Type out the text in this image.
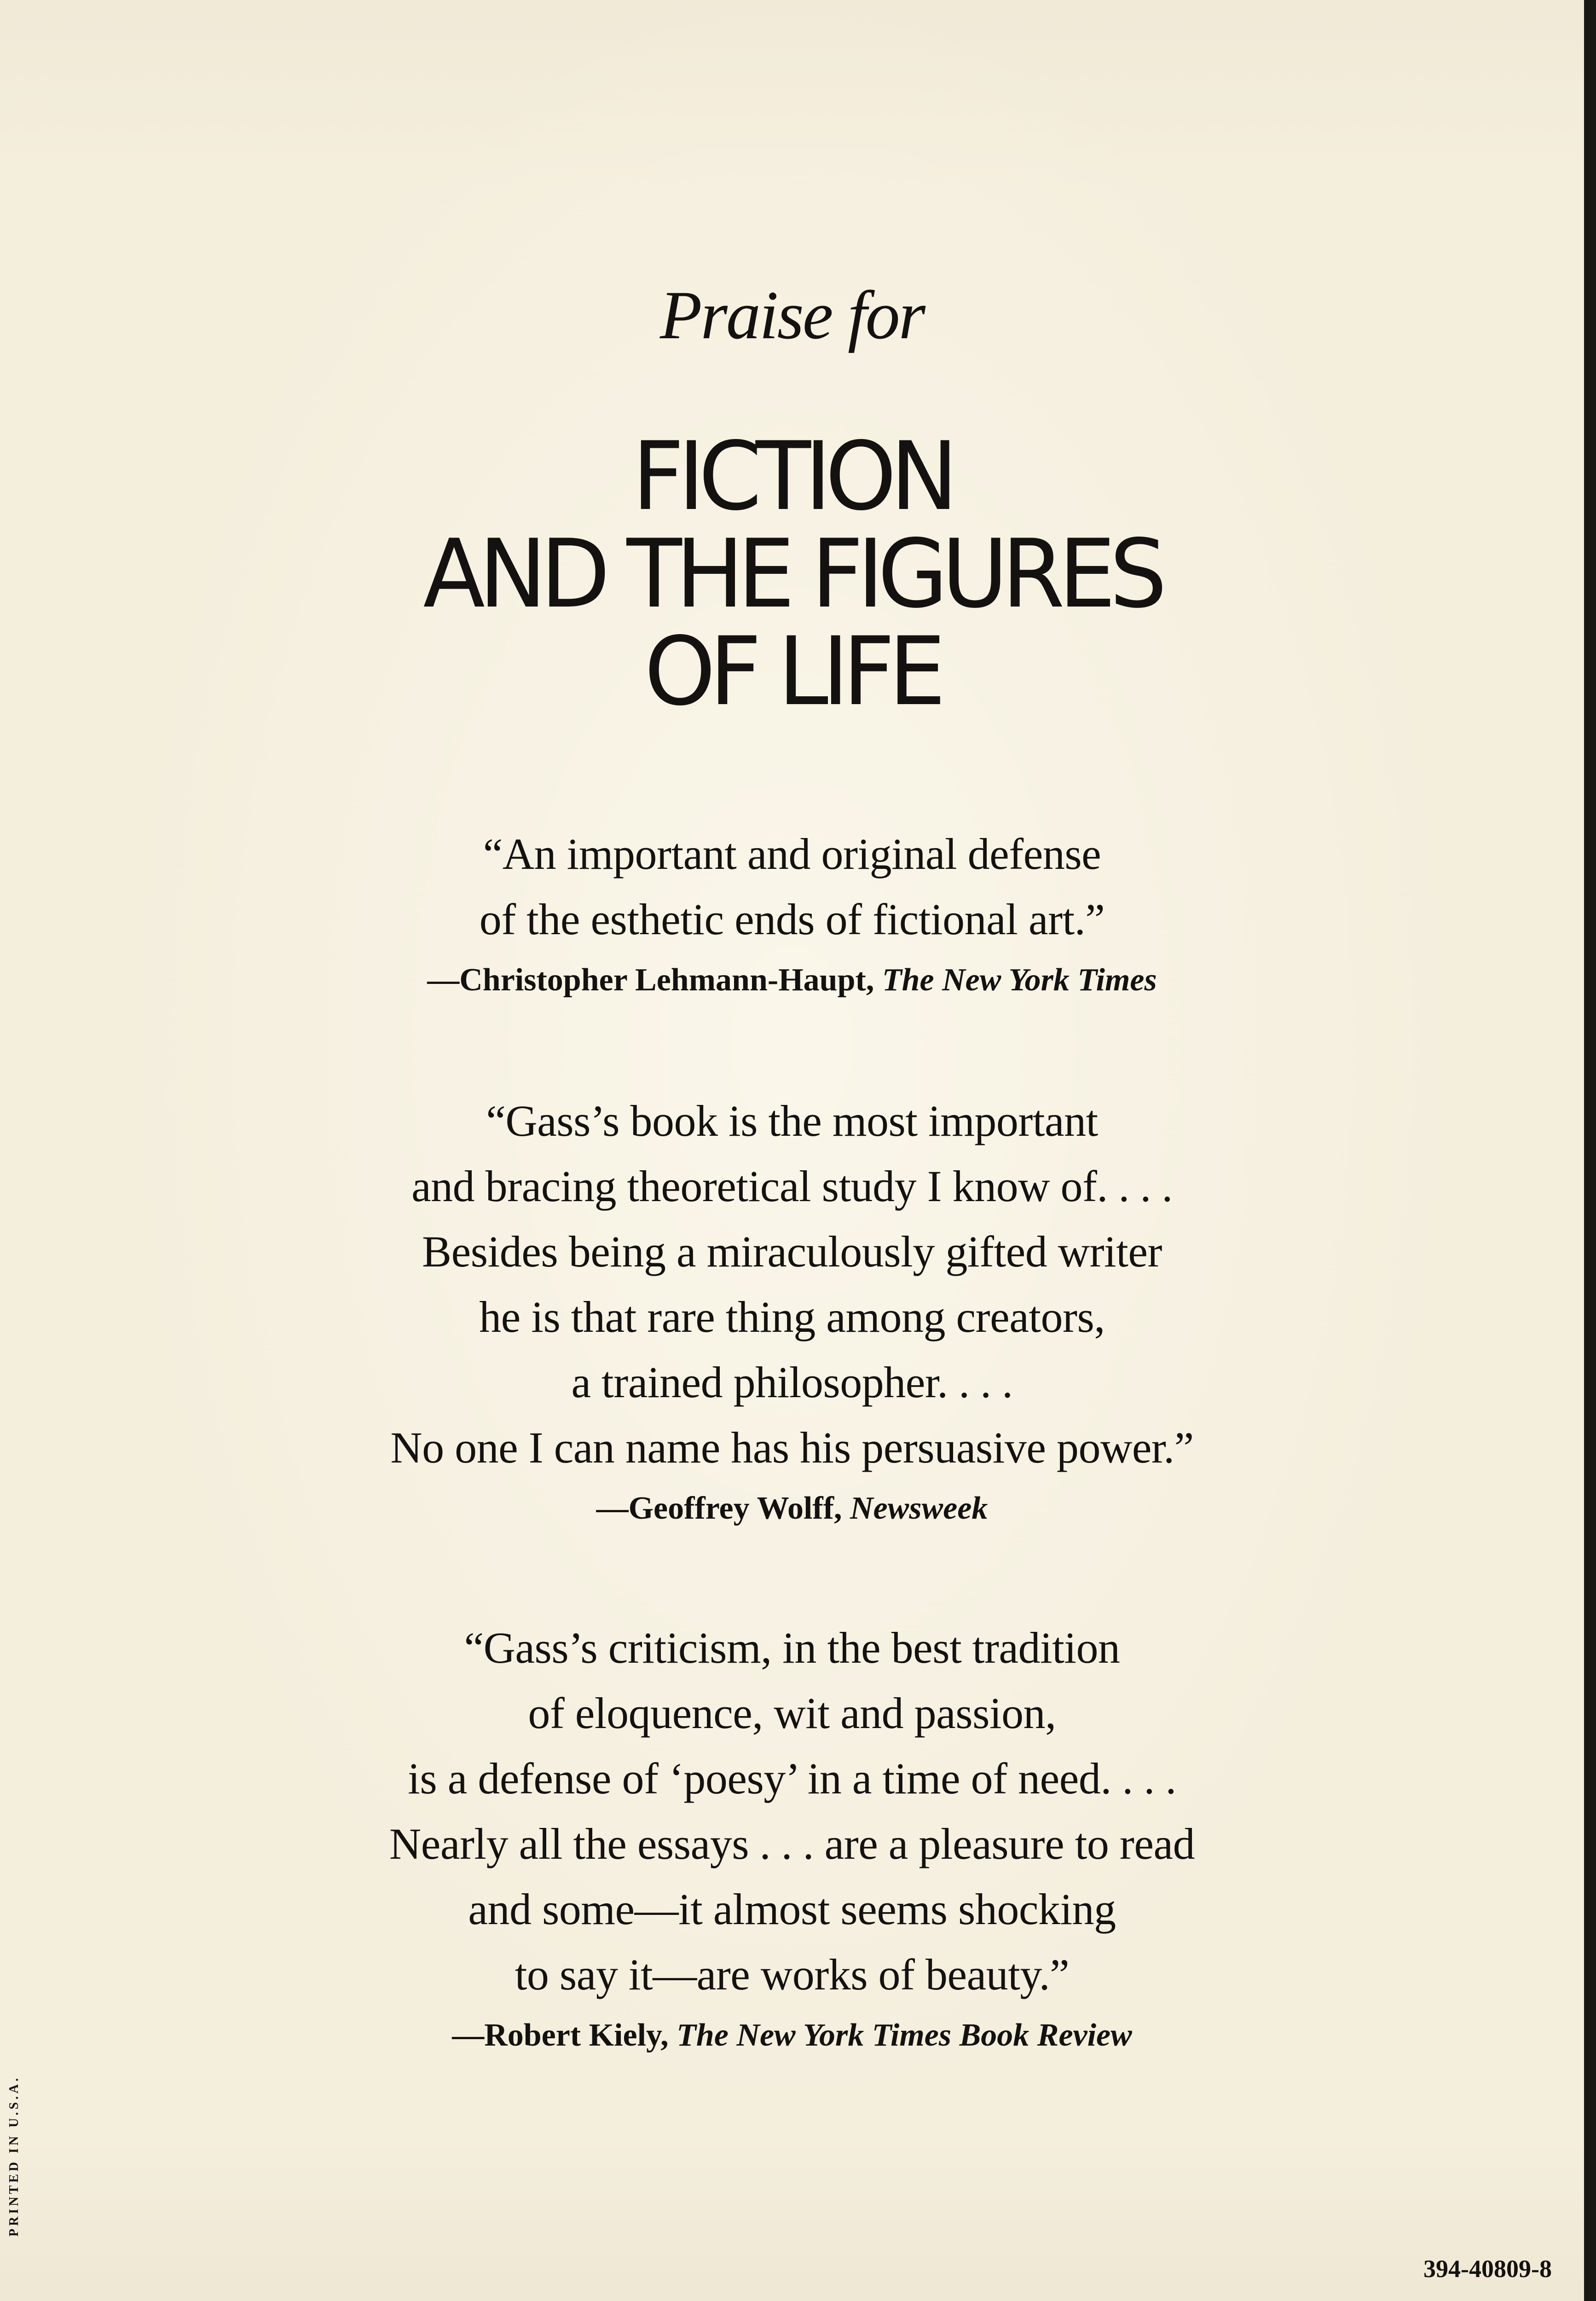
Praise for
FICTION
AND THE FIGURES
OF LIFE
“An important and original defense
of the esthetic ends of fictional art.”
—Christopher Lehmann-Haupt, The New York Times
“Gass’s book is the most important
and bracing theoretical study I know of. . . .
Besides being a miraculously gifted writer
he is that rare thing among creators,
a trained philosopher. . . .
No one I can name has his persuasive power.”
—Geoffrey Wolff, Newsweek
“Gass’s criticism, in the best tradition
of eloquence, wit and passion,
is a defense of ‘poesy’ in a time of need. . . .
Nearly all the essays . . . are a pleasure to read
and some—it almost seems shocking
to say it—are works of beauty.”
—Robert Kiely, The New York Times Book Review
PRINTED IN U.S.A.
394-40809-8
